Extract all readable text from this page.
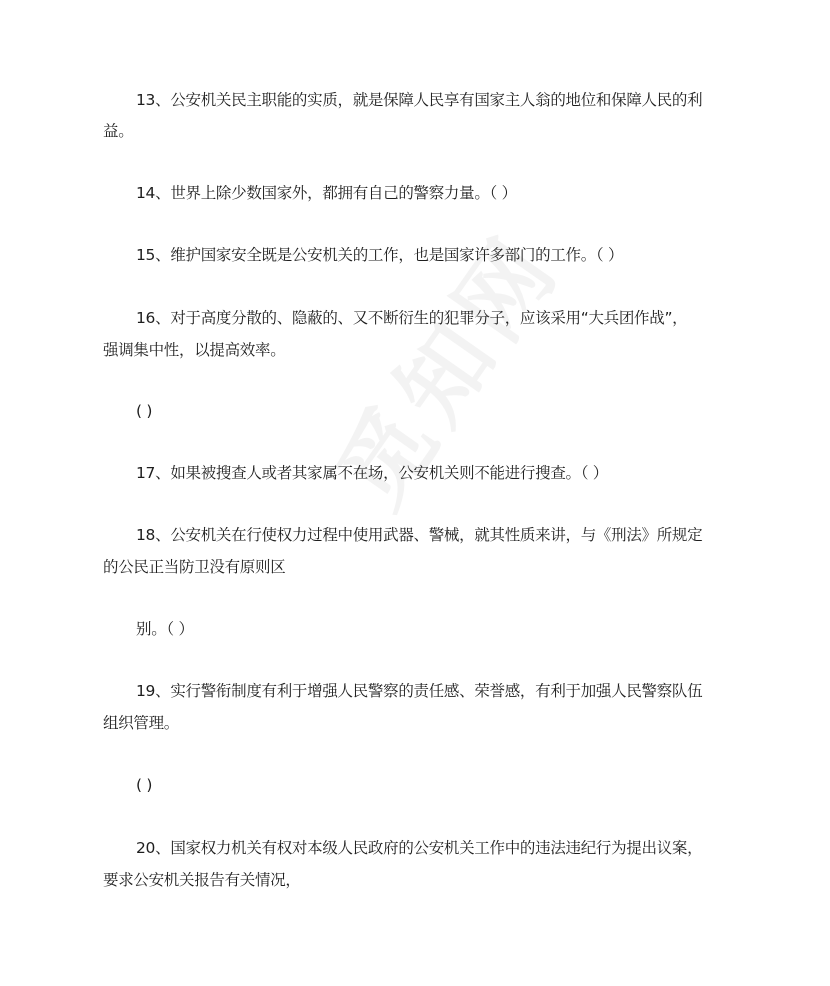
13、公安机关民主职能的实质，就是保障人民享有国家主人翁的地位和保障人民的利
益。
14、世界上除少数国家外，都拥有自己的警察力量。（ ）
15、维护国家安全既是公安机关的工作，也是国家许多部门的工作。（ ）
16、对于高度分散的、隐蔽的、又不断衍生的犯罪分子，应该采用“大兵团作战”，
强调集中性，以提高效率。
( )
17、如果被搜查人或者其家属不在场，公安机关则不能进行搜查。（ ）
18、公安机关在行使权力过程中使用武器、警械，就其性质来讲，与《刑法》所规定
的公民正当防卫没有原则区
别。（ ）
19、实行警衔制度有利于增强人民警察的责任感、荣誉感，有利于加强人民警察队伍
组织管理。
( )
20、国家权力机关有权对本级人民政府的公安机关工作中的违法违纪行为提出议案，
要求公安机关报告有关情况，
